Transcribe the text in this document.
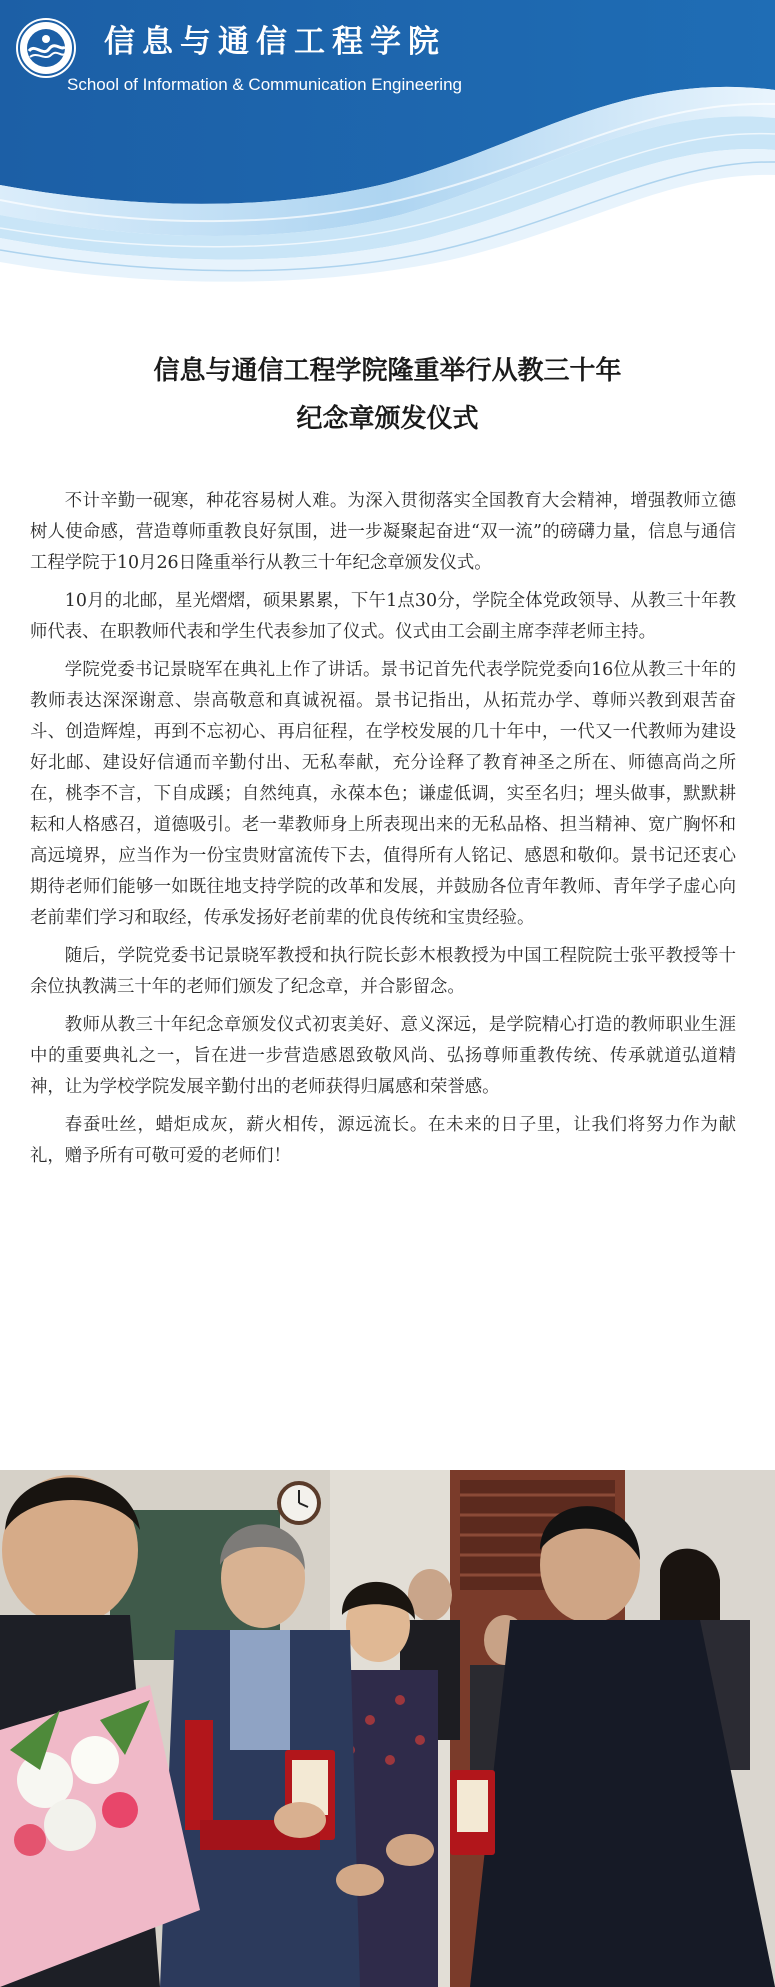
信息与通信工程学院
School of Information & Communication Engineering
信息与通信工程学院隆重举行从教三十年
纪念章颁发仪式

不计辛勤一砚寒，种花容易树人难。为深入贯彻落实全国教育大会精神，增强教师立德树人使命感，营造尊师重教良好氛围，进一步凝聚起奋进“双一流”的磅礴力量，信息与通信工程学院于10月26日隆重举行从教三十年纪念章颁发仪式。

10月的北邮，星光熠熠，硕果累累，下午1点30分，学院全体党政领导、从教三十年教师代表、在职教师代表和学生代表参加了仪式。仪式由工会副主席李萍老师主持。

学院党委书记景晓军在典礼上作了讲话。景书记首先代表学院党委向16位从教三十年的教师表达深深谢意、崇高敬意和真诚祝福。景书记指出，从拓荒办学、尊师兴教到艰苦奋斗、创造辉煌，再到不忘初心、再启征程，在学校发展的几十年中，一代又一代教师为建设好北邮、建设好信通而辛勤付出、无私奉献，充分诠释了教育神圣之所在、师德高尚之所在，桃李不言，下自成蹊；自然纯真，永葆本色；谦虚低调，实至名归；埋头做事，默默耕耘和人格感召，道德吸引。老一辈教师身上所表现出来的无私品格、担当精神、宽广胸怀和高远境界，应当作为一份宝贵财富流传下去，值得所有人铭记、感恩和敬仰。景书记还衷心期待老师们能够一如既往地支持学院的改革和发展，并鼓励各位青年教师、青年学子虚心向老前辈们学习和取经，传承发扬好老前辈的优良传统和宝贵经验。

随后，学院党委书记景晓军教授和执行院长彭木根教授为中国工程院院士张平教授等十余位执教满三十年的老师们颁发了纪念章，并合影留念。

教师从教三十年纪念章颁发仪式初衷美好、意义深远，是学院精心打造的教师职业生涯中的重要典礼之一，旨在进一步营造感恩致敬风尚、弘扬尊师重教传统、传承就道弘道精神，让为学校学院发展辛勤付出的老师获得归属感和荣誉感。

春蚕吐丝，蜡炬成灰，薪火相传，源远流长。在未来的日子里，让我们将努力作为献礼，赠予所有可敬可爱的老师们！
